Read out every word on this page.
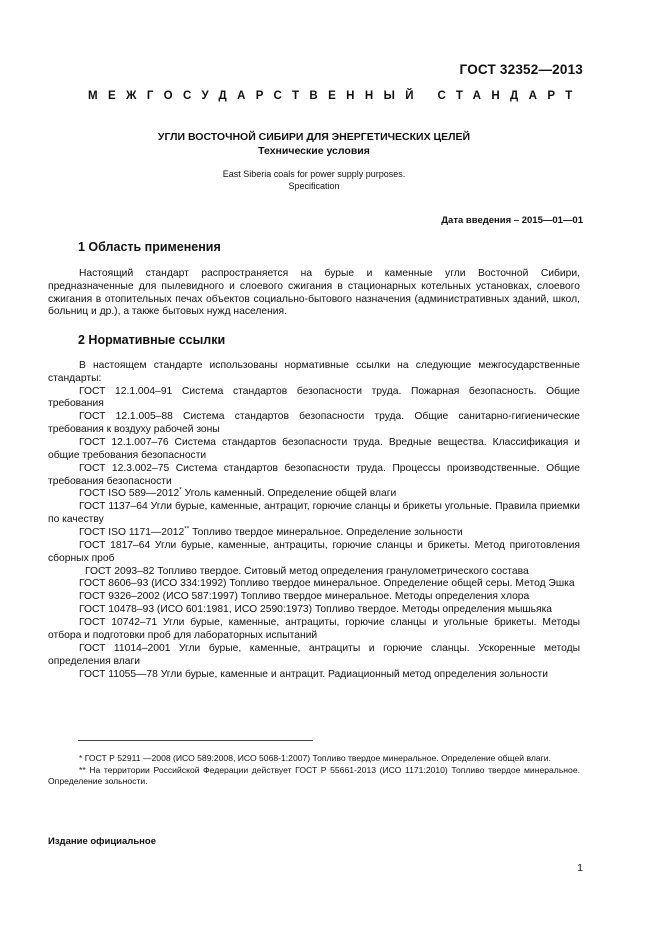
ГОСТ 32352—2013
МЕЖГОСУДАРСТВЕННЫЙ СТАНДАРТ
УГЛИ ВОСТОЧНОЙ СИБИРИ ДЛЯ ЭНЕРГЕТИЧЕСКИХ ЦЕЛЕЙ
Технические условия
East Siberia coals for power supply purposes.
Specification
Дата введения – 2015—01—01
1 Область применения

Настоящий стандарт распространяется на бурые и каменные угли Восточной Сибири, предназначенные для пылевидного и слоевого сжигания в стационарных котельных установках, слоевого сжигания в отопительных печах объектов социально-бытового назначения (административных зданий, школ, больниц и др.), а также бытовых нужд населения.

2 Нормативные ссылки

В настоящем стандарте использованы нормативные ссылки на следующие межгосударственные стандарты:

ГОСТ 12.1.004–91 Система стандартов безопасности труда. Пожарная безопасность. Общие требования

ГОСТ 12.1.005–88 Система стандартов безопасности труда. Общие санитарно-гигиенические требования к воздуху рабочей зоны

ГОСТ 12.1.007–76 Система стандартов безопасности труда. Вредные вещества. Классификация и общие требования безопасности

ГОСТ 12.3.002–75 Система стандартов безопасности труда. Процессы производственные. Общие требования безопасности

ГОСТ ISO 589—2012* Уголь каменный. Определение общей влаги

ГОСТ 1137–64 Угли бурые, каменные, антрацит, горючие сланцы и брикеты угольные. Правила приемки по качеству

ГОСТ ISO 1171—2012** Топливо твердое минеральное. Определение зольности

ГОСТ 1817–64 Угли бурые, каменные, антрациты, горючие сланцы и брикеты. Метод приготовления сборных проб

ГОСТ 2093–82 Топливо твердое. Ситовый метод определения гранулометрического состава

ГОСТ 8606–93 (ИСО 334:1992) Топливо твердое минеральное. Определение общей серы. Метод Эшка

ГОСТ 9326–2002 (ИСО 587:1997) Топливо твердое минеральное. Методы определения хлора

ГОСТ 10478–93 (ИСО 601:1981, ИСО 2590:1973) Топливо твердое. Методы определения мышьяка

ГОСТ 10742–71 Угли бурые, каменные, антрациты, горючие сланцы и угольные брикеты. Методы отбора и подготовки проб для лабораторных испытаний

ГОСТ 11014–2001 Угли бурые, каменные, антрациты и горючие сланцы. Ускоренные методы определения влаги

ГОСТ 11055—78 Угли бурые, каменные и антрацит. Радиационный метод определения зольности

* ГОСТ Р 52911 —2008 (ИСО 589:2008, ИСО 5068-1:2007) Топливо твердое минеральное. Определение общей влаги.

** На территории Российской Федерации действует ГОСТ Р 55661-2013 (ИСО 1171:2010) Топливо твердое минеральное. Определение зольности.

Издание официальное
1
